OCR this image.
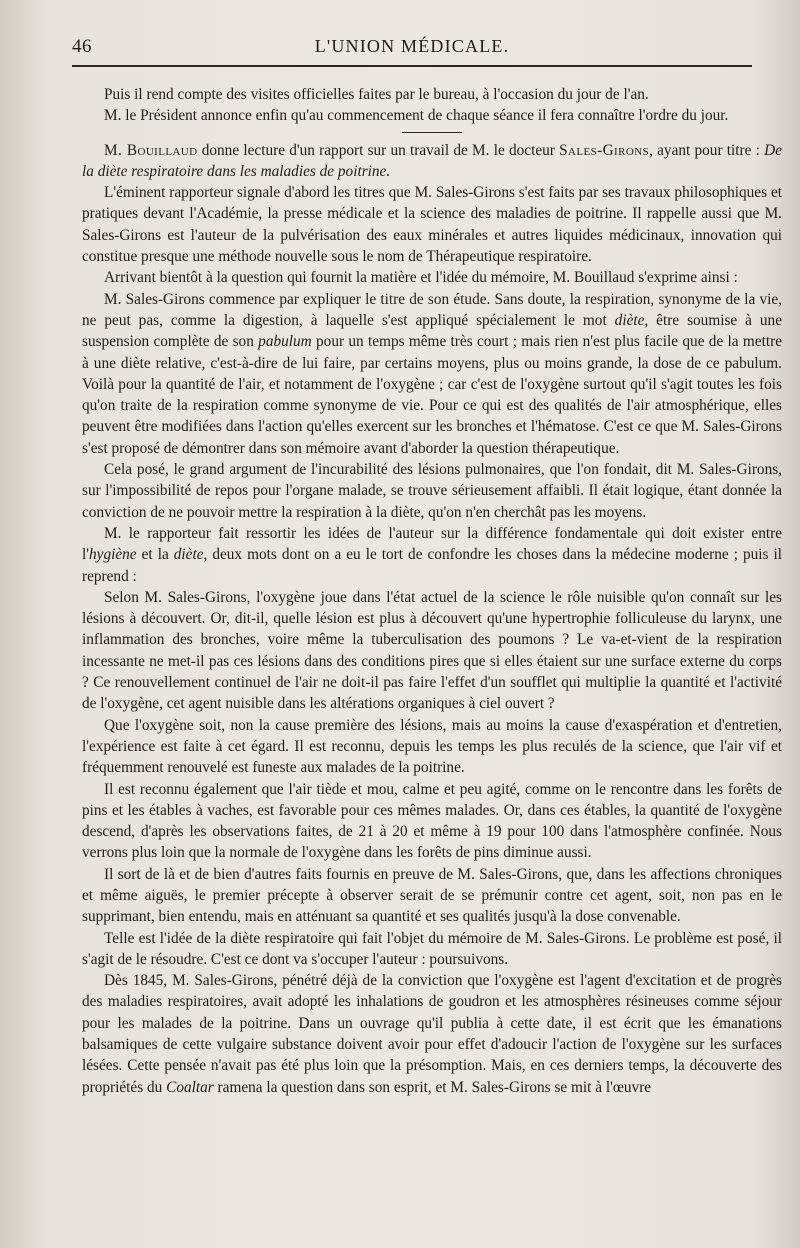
46	L'UNION MÉDICALE.

Puis il rend compte des visites officielles faites par le bureau, à l'occasion du jour de l'an.

M. le Président annonce enfin qu'au commencement de chaque séance il fera connaître l'ordre du jour.

M. Bouillaud donne lecture d'un rapport sur un travail de M. le docteur Sales-Girons, ayant pour titre : De la diète respiratoire dans les maladies de poitrine.

L'éminent rapporteur signale d'abord les titres que M. Sales-Girons s'est faits par ses travaux philosophiques et pratiques devant l'Académie, la presse médicale et la science des maladies de poitrine. Il rappelle aussi que M. Sales-Girons est l'auteur de la pulvérisation des eaux minérales et autres liquides médicinaux, innovation qui constitue presque une méthode nouvelle sous le nom de Thérapeutique respiratoire.

Arrivant bientôt à la question qui fournit la matière et l'idée du mémoire, M. Bouillaud s'exprime ainsi :

M. Sales-Girons commence par expliquer le titre de son étude. Sans doute, la respiration, synonyme de la vie, ne peut pas, comme la digestion, à laquelle s'est appliqué spécialement le mot diète, être soumise à une suspension complète de son pabulum pour un temps même très court ; mais rien n'est plus facile que de la mettre à une diète relative, c'est-à-dire de lui faire, par certains moyens, plus ou moins grande, la dose de ce pabulum. Voilà pour la quantité de l'air, et notamment de l'oxygène ; car c'est de l'oxygène surtout qu'il s'agit toutes les fois qu'on traite de la respiration comme synonyme de vie. Pour ce qui est des qualités de l'air atmosphérique, elles peuvent être modifiées dans l'action qu'elles exercent sur les bronches et l'hématose. C'est ce que M. Sales-Girons s'est proposé de démontrer dans son mémoire avant d'aborder la question thérapeutique.

Cela posé, le grand argument de l'incurabilité des lésions pulmonaires, que l'on fondait, dit M. Sales-Girons, sur l'impossibilité de repos pour l'organe malade, se trouve sérieusement affaibli. Il était logique, étant donnée la conviction de ne pouvoir mettre la respiration à la diète, qu'on n'en cherchât pas les moyens.

M. le rapporteur fait ressortir les idées de l'auteur sur la différence fondamentale qui doit exister entre l'hygiène et la diète, deux mots dont on a eu le tort de confondre les choses dans la médecine moderne ; puis il reprend :

Selon M. Sales-Girons, l'oxygène joue dans l'état actuel de la science le rôle nuisible qu'on connaît sur les lésions à découvert. Or, dit-il, quelle lésion est plus à découvert qu'une hypertrophie folliculeuse du larynx, une inflammation des bronches, voire même la tuberculisation des poumons ? Le va-et-vient de la respiration incessante ne met-il pas ces lésions dans des conditions pires que si elles étaient sur une surface externe du corps ? Ce renouvellement continuel de l'air ne doit-il pas faire l'effet d'un soufflet qui multiplie la quantité et l'activité de l'oxygène, cet agent nuisible dans les altérations organiques à ciel ouvert ?

Que l'oxygène soit, non la cause première des lésions, mais au moins la cause d'exaspération et d'entretien, l'expérience est faite à cet égard. Il est reconnu, depuis les temps les plus reculés de la science, que l'air vif et fréquemment renouvelé est funeste aux malades de la poitrine.

Il est reconnu également que l'air tiède et mou, calme et peu agité, comme on le rencontre dans les forêts de pins et les étables à vaches, est favorable pour ces mêmes malades. Or, dans ces étables, la quantité de l'oxygène descend, d'après les observations faites, de 21 à 20 et même à 19 pour 100 dans l'atmosphère confinée. Nous verrons plus loin que la normale de l'oxygène dans les forêts de pins diminue aussi.

Il sort de là et de bien d'autres faits fournis en preuve de M. Sales-Girons, que, dans les affections chroniques et même aiguës, le premier précepte à observer serait de se prémunir contre cet agent, soit, non pas en le supprimant, bien entendu, mais en atténuant sa quantité et ses qualités jusqu'à la dose convenable.

Telle est l'idée de la diète respiratoire qui fait l'objet du mémoire de M. Sales-Girons. Le problème est posé, il s'agit de le résoudre. C'est ce dont va s'occuper l'auteur : poursuivons.

Dès 1845, M. Sales-Girons, pénétré déjà de la conviction que l'oxygène est l'agent d'excitation et de progrès des maladies respiratoires, avait adopté les inhalations de goudron et les atmosphères résineuses comme séjour pour les malades de la poitrine. Dans un ouvrage qu'il publia à cette date, il est écrit que les émanations balsamiques de cette vulgaire substance doivent avoir pour effet d'adoucir l'action de l'oxygène sur les surfaces lésées. Cette pensée n'avait pas été plus loin que la présomption. Mais, en ces derniers temps, la découverte des propriétés du Coaltar ramena la question dans son esprit, et M. Sales-Girons se mit à l'œuvre
